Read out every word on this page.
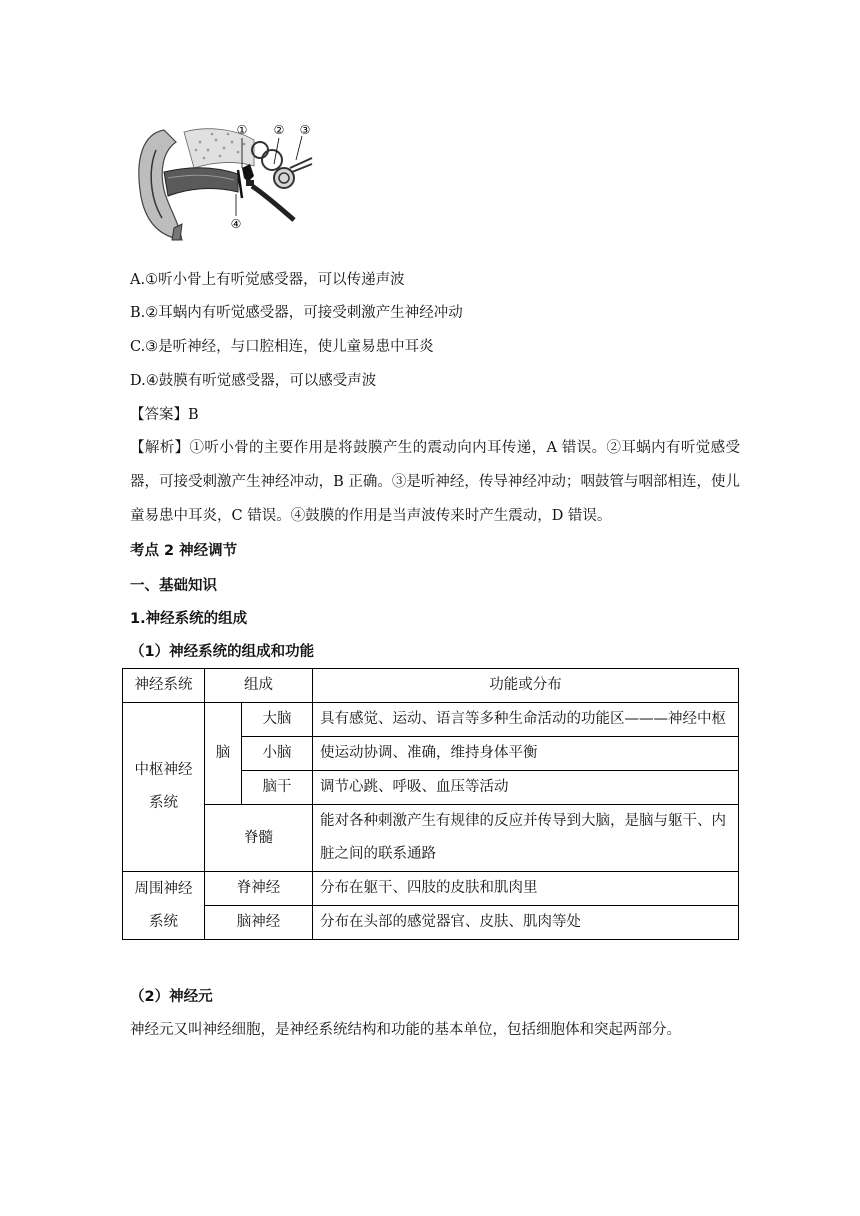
① ② ③
④
A.①听小骨上有听觉感受器，可以传递声波
B.②耳蜗内有听觉感受器，可接受刺激产生神经冲动
C.③是听神经，与口腔相连，使儿童易患中耳炎
D.④鼓膜有听觉感受器，可以感受声波
【答案】B
【解析】①听小骨的主要作用是将鼓膜产生的震动向内耳传递，A 错误。②耳蜗内有听觉感受器，可接受刺激产生神经冲动，B 正确。③是听神经，传导神经冲动；咽鼓管与咽部相连，使儿童易患中耳炎，C 错误。④鼓膜的作用是当声波传来时产生震动，D 错误。
考点 2 神经调节
一、基础知识
1.神经系统的组成
（1）神经系统的组成和功能
神经系统	组成		功能或分布
中枢神经系统	脑	大脑	具有感觉、运动、语言等多种生命活动的功能区———神经中枢
		小脑	使运动协调、准确，维持身体平衡
		脑干	调节心跳、呼吸、血压等活动
	脊髓		能对各种刺激产生有规律的反应并传导到大脑，是脑与躯干、内脏之间的联系通路
周围神经系统	脊神经		分布在躯干、四肢的皮肤和肌肉里
	脑神经		分布在头部的感觉器官、皮肤、肌肉等处
（2）神经元
神经元又叫神经细胞，是神经系统结构和功能的基本单位，包括细胞体和突起两部分。
